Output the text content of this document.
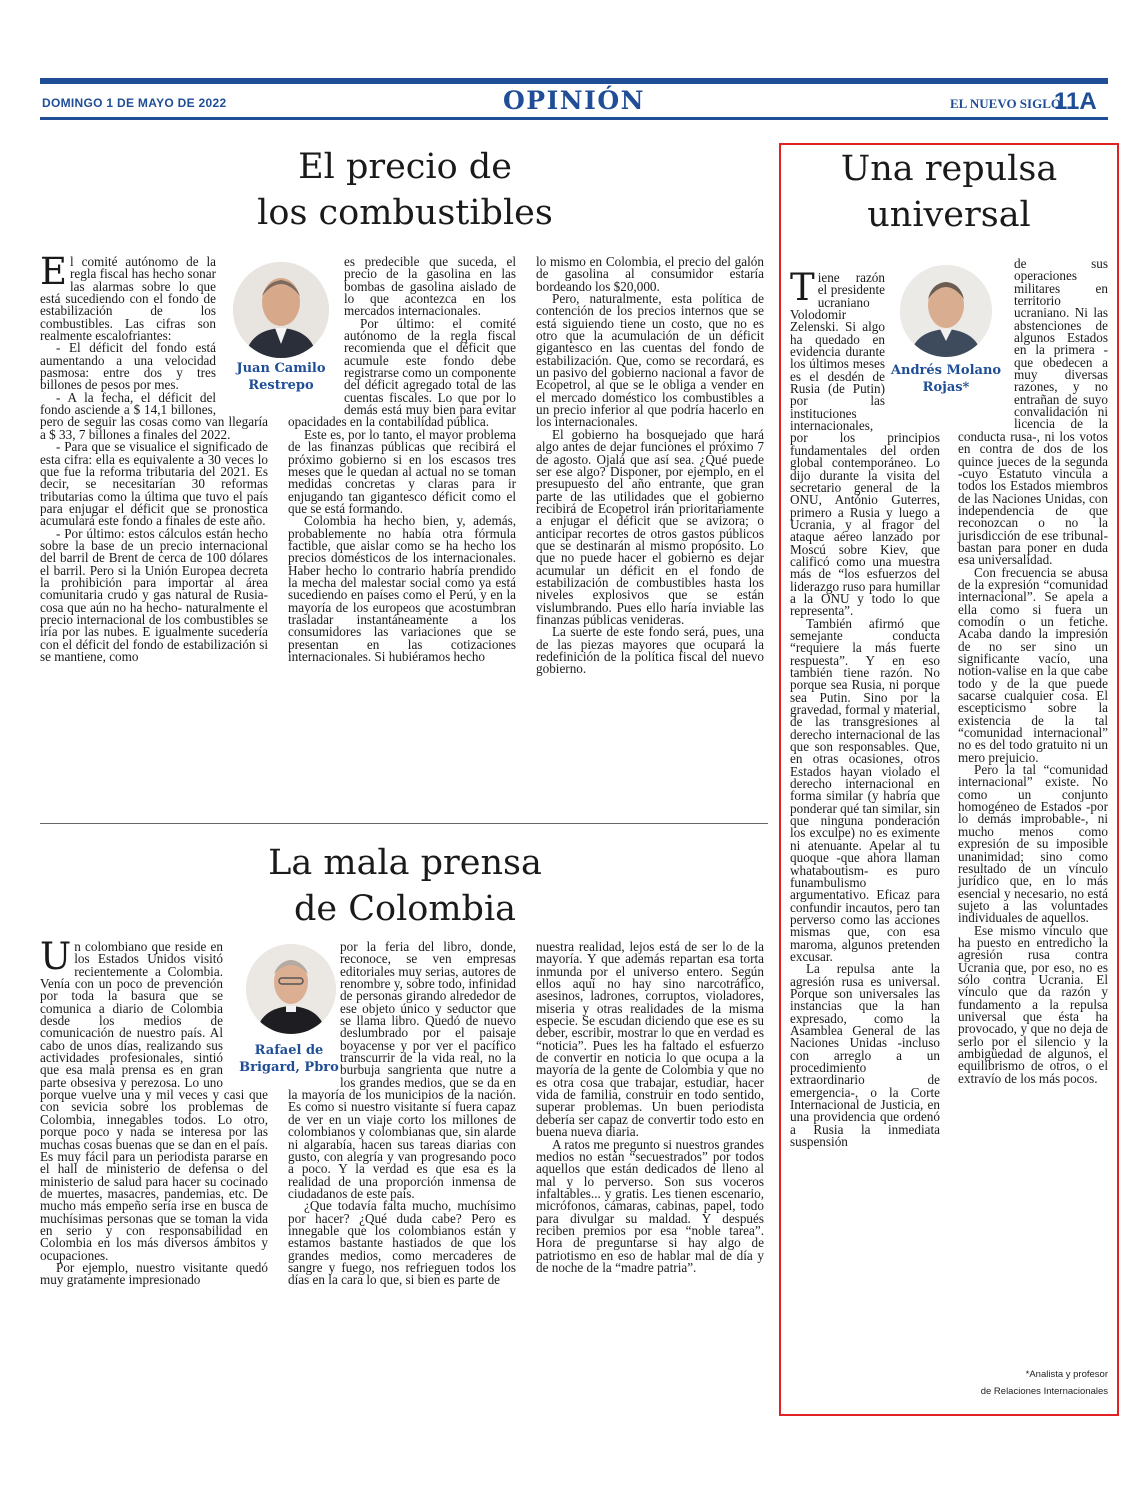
DOMINGO 1 DE MAYO DE 2022	OPINIÓN	EL NUEVO SIGLO
11A
El precio de
los combustibles
Juan Camilo
Restrepo

El comité autónomo de la regla fiscal has hecho sonar las alarmas sobre lo que está sucediendo con el fondo de estabilización de los combustibles. Las cifras son realmente escalofriantes:

- El déficit del fondo está aumentando a una velocidad pasmosa: entre dos y tres billones de pesos por mes.

- A la fecha, el déficit del fondo asciende a $ 14,1 billones, pero de seguir las cosas como van llegaría a $ 33, 7 billones a finales del 2022.

- Para que se visualice el significado de esta cifra: ella es equivalente a 30 veces lo que fue la reforma tributaria del 2021. Es decir, se necesitarían 30 reformas tributarias como la última que tuvo el país para enjugar el déficit que se pronostica acumulará este fondo a finales de este año.

- Por último: estos cálculos están hecho sobre la base de un precio internacional del barril de Brent de cerca de 100 dólares el barril. Pero si la Unión Europea decreta la prohibición para importar al área comunitaria crudo y gas natural de Rusia- cosa que aún no ha hecho- naturalmente el precio internacional de los combustibles se iría por las nubes. E igualmente sucedería con el déficit del fondo de estabilización si se mantiene, como

es predecible que suceda, el precio de la gasolina en las bombas de gasolina aislado de lo que acontezca en los mercados internacionales.

Por último: el comité autónomo de la regla fiscal recomienda que el déficit que acumule este fondo debe registrarse como un componente del déficit agregado total de las cuentas fiscales. Lo que por lo demás está muy bien para evitar opacidades en la contabilidad pública.

Este es, por lo tanto, el mayor problema de las finanzas públicas que recibirá el próximo gobierno si en los escasos tres meses que le quedan al actual no se toman medidas concretas y claras para ir enjugando tan gigantesco déficit como el que se está formando.

Colombia ha hecho bien, y, además, probablemente no había otra fórmula factible, que aislar como se ha hecho los precios domésticos de los internacionales. Haber hecho lo contrario habría prendido la mecha del malestar social como ya está sucediendo en países como el Perú, y en la mayoría de los europeos que acostumbran trasladar instantáneamente a los consumidores las variaciones que se presentan en las cotizaciones internacionales. Si hubiéramos hecho

lo mismo en Colombia, el precio del galón de gasolina al consumidor estaría bordeando los $20,000.

Pero, naturalmente, esta política de contención de los precios internos que se está siguiendo tiene un costo, que no es otro que la acumulación de un déficit gigantesco en las cuentas del fondo de estabilización. Que, como se recordará, es un pasivo del gobierno nacional a favor de Ecopetrol, al que se le obliga a vender en el mercado doméstico los combustibles a un precio inferior al que podría hacerlo en los internacionales.

El gobierno ha bosquejado que hará algo antes de dejar funciones el próximo 7 de agosto. Ojalá que así sea. ¿Qué puede ser ese algo? Disponer, por ejemplo, en el presupuesto del año entrante, que gran parte de las utilidades que el gobierno recibirá de Ecopetrol irán prioritariamente a enjugar el déficit que se avizora; o anticipar recortes de otros gastos públicos que se destinarán al mismo propósito. Lo que no puede hacer el gobierno es dejar acumular un déficit en el fondo de estabilización de combustibles hasta los niveles explosivos que se están vislumbrando. Pues ello haría inviable las finanzas públicas venideras.

La suerte de este fondo será, pues, una de las piezas mayores que ocupará la redefinición de la política fiscal del nuevo gobierno.

La mala prensa
de Colombia
Rafael de
Brigard, Pbro

Un colombiano que reside en los Estados Unidos visitó recientemente a Colombia. Venía con un poco de prevención por toda la basura que se comunica a diario de Colombia desde los medios de comunicación de nuestro país. Al cabo de unos días, realizando sus actividades profesionales, sintió que esa mala prensa es en gran parte obsesiva y perezosa. Lo uno porque vuelve una y mil veces y casi que con sevicia sobre los problemas de Colombia, innegables todos. Lo otro, porque poco y nada se interesa por las muchas cosas buenas que se dan en el país. Es muy fácil para un periodista pararse en el hall de ministerio de defensa o del ministerio de salud para hacer su cocinado de muertes, masacres, pandemias, etc. De mucho más empeño sería irse en busca de muchísimas personas que se toman la vida en serio y con responsabilidad en Colombia en los más diversos ámbitos y ocupaciones.

Por ejemplo, nuestro visitante quedó muy gratamente impresionado

por la feria del libro, donde, reconoce, se ven empresas editoriales muy serias, autores de renombre y, sobre todo, infinidad de personas girando alrededor de ese objeto único y seductor que se llama libro. Quedó de nuevo deslumbrado por el paisaje boyacense y por ver el pacífico transcurrir de la vida real, no la burbuja sangrienta que nutre a los grandes medios, que se da en la mayoría de los municipios de la nación. Es como si nuestro visitante sí fuera capaz de ver en un viaje corto los millones de colombianos y colombianas que, sin alarde ni algarabía, hacen sus tareas diarias con gusto, con alegría y van progresando poco a poco. Y la verdad es que esa es la realidad de una proporción inmensa de ciudadanos de este país.

¿Que todavía falta mucho, muchísimo por hacer? ¿Qué duda cabe? Pero es innegable que los colombianos están y estamos bastante hastiados de que los grandes medios, como mercaderes de sangre y fuego, nos refrieguen todos los días en la cara lo que, si bien es parte de

nuestra realidad, lejos está de ser lo de la mayoría. Y que además repartan esa torta inmunda por el universo entero. Según ellos aquí no hay sino narcotráfico, asesinos, ladrones, corruptos, violadores, miseria y otras realidades de la misma especie. Se escudan diciendo que ese es su deber, escribir, mostrar lo que en verdad es “noticia”. Pues les ha faltado el esfuerzo de convertir en noticia lo que ocupa a la mayoría de la gente de Colombia y que no es otra cosa que trabajar, estudiar, hacer vida de familia, construir en todo sentido, superar problemas. Un buen periodista debería ser capaz de convertir todo esto en buena nueva diaria.

A ratos me pregunto si nuestros grandes medios no están “secuestrados” por todos aquellos que están dedicados de lleno al mal y lo perverso. Son sus voceros infaltables... y gratis. Les tienen escenario, micrófonos, cámaras, cabinas, papel, todo para divulgar su maldad. Y después reciben premios por esa “noble tarea”. Hora de preguntarse si hay algo de patriotismo en eso de hablar mal de día y de noche de la “madre patria”.

Una repulsa
universal
Andrés Molano
Rojas*

Tiene razón el presidente ucraniano Volodomir Zelenski. Si algo ha quedado en evidencia durante los últimos meses es el desdén de Rusia (de Putin) por las instituciones internacionales, por los principios fundamentales del orden global contemporáneo. Lo dijo durante la visita del secretario general de la ONU, António Guterres, primero a Rusia y luego a Ucrania, y al fragor del ataque aéreo lanzado por Moscú sobre Kiev, que calificó como una muestra más de “los esfuerzos del liderazgo ruso para humillar a la ONU y todo lo que representa”.

También afirmó que semejante conducta “requiere la más fuerte respuesta”. Y en eso también tiene razón. No porque sea Rusia, ni porque sea Putin. Sino por la gravedad, formal y material, de las transgresiones al derecho internacional de las que son responsables. Que, en otras ocasiones, otros Estados hayan violado el derecho internacional en forma similar (y habría que ponderar qué tan similar, sin que ninguna ponderación los exculpe) no es eximente ni atenuante. Apelar al tu quoque -que ahora llaman whataboutism- es puro funambulismo argumentativo. Eficaz para confundir incautos, pero tan perverso como las acciones mismas que, con esa maroma, algunos pretenden excusar.

La repulsa ante la agresión rusa es universal. Porque son universales las instancias que la han expresado, como la Asamblea General de las Naciones Unidas -incluso con arreglo a un procedimiento extraordinario de emergencia-, o la Corte Internacional de Justicia, en una providencia que ordenó a Rusia la inmediata suspensión

de sus operaciones militares en territorio ucraniano. Ni las abstenciones de algunos Estados en la primera -que obedecen a muy diversas razones, y no entrañan de suyo convalidación ni licencia de la conducta rusa-, ni los votos en contra de dos de los quince jueces de la segunda -cuyo Estatuto vincula a todos los Estados miembros de las Naciones Unidas, con independencia de que reconozcan o no la jurisdicción de ese tribunal- bastan para poner en duda esa universalidad.

Con frecuencia se abusa de la expresión “comunidad internacional”. Se apela a ella como si fuera un comodín o un fetiche. Acaba dando la impresión de no ser sino un significante vacío, una notion-valise en la que cabe todo y de la que puede sacarse cualquier cosa. El escepticismo sobre la existencia de la tal “comunidad internacional” no es del todo gratuito ni un mero prejuicio.

Pero la tal “comunidad internacional” existe. No como un conjunto homogéneo de Estados -por lo demás improbable-, ni mucho menos como expresión de su imposible unanimidad; sino como resultado de un vínculo jurídico que, en lo más esencial y necesario, no está sujeto a las voluntades individuales de aquellos.

Ese mismo vínculo que ha puesto en entredicho la agresión rusa contra Ucrania que, por eso, no es sólo contra Ucrania. El vínculo que da razón y fundamento a la repulsa universal que ésta ha provocado, y que no deja de serlo por el silencio y la ambigüedad de algunos, el equilibrismo de otros, o el extravío de los más pocos.

*Analista y profesor
de Relaciones Internacionales
